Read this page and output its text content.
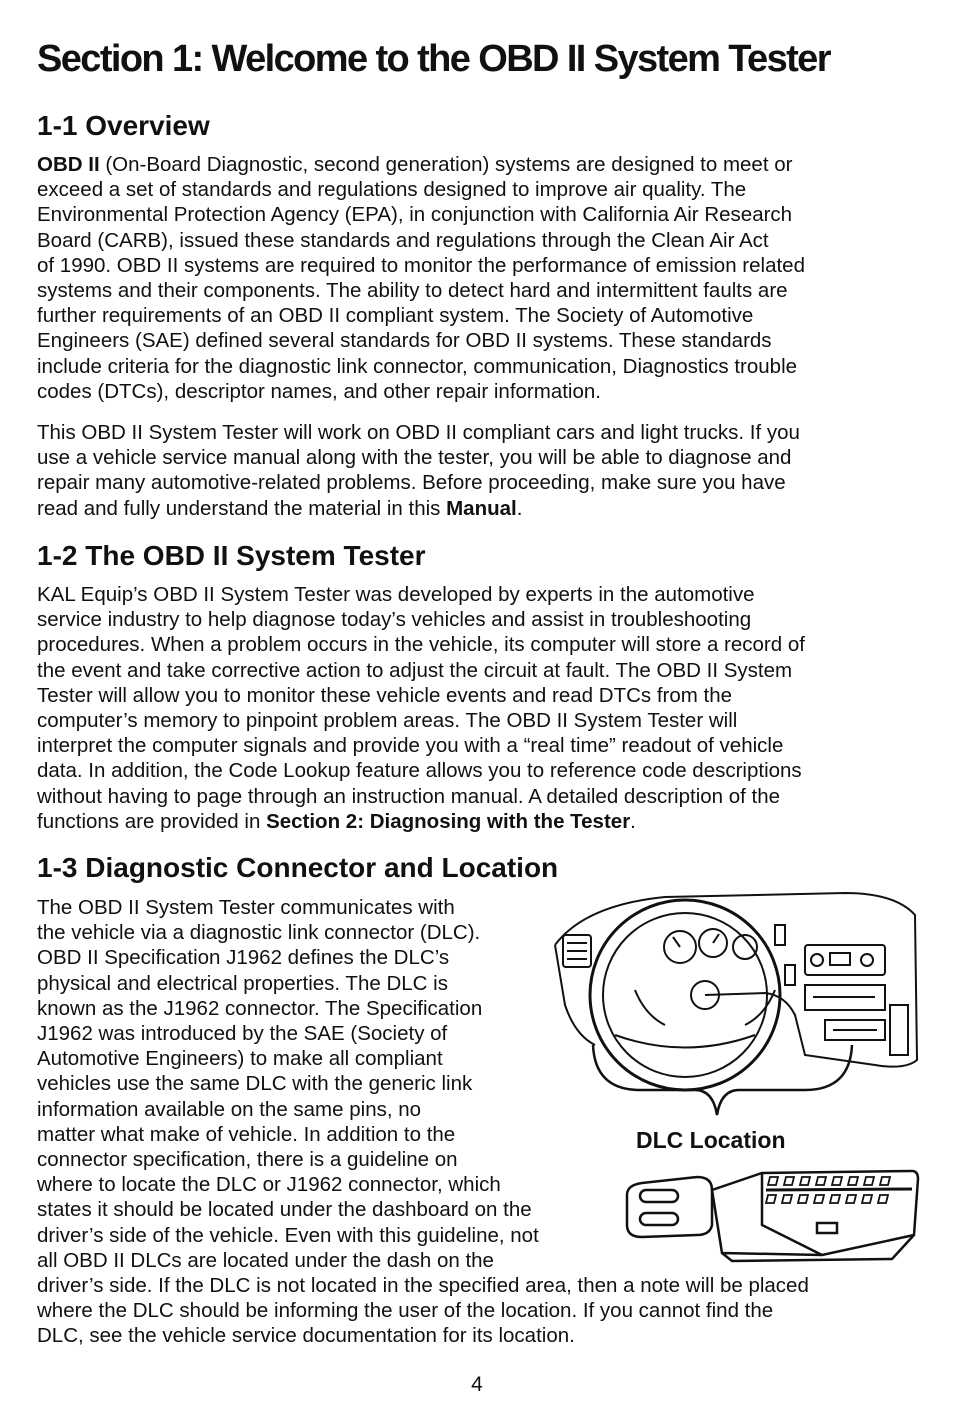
Section 1: Welcome to the OBD II System Tester
1-1 Overview
OBD II (On-Board Diagnostic, second generation) systems are designed to meet or
exceed a set of standards and regulations designed to improve air quality. The
Environmental Protection Agency (EPA), in conjunction with California Air Research
Board (CARB), issued these standards and regulations through the Clean Air Act
of 1990. OBD II systems are required to monitor the performance of emission related
systems and their components. The ability to detect hard and intermittent faults are
further requirements of an OBD II compliant system. The Society of Automotive
Engineers (SAE) defined several standards for OBD II systems. These standards
include criteria for the diagnostic link connector, communication, Diagnostics trouble
codes (DTCs), descriptor names, and other repair information.
This OBD II System Tester will work on OBD II compliant cars and light trucks. If you
use a vehicle service manual along with the tester, you will be able to diagnose and
repair many automotive-related problems. Before proceeding, make sure you have
read and fully understand the material in this Manual.
1-2 The OBD II System Tester
KAL Equip’s OBD II System Tester was developed by experts in the automotive
service industry to help diagnose today’s vehicles and assist in troubleshooting
procedures. When a problem occurs in the vehicle, its computer will store a record of
the event and take corrective action to adjust the circuit at fault. The OBD II System
Tester will allow you to monitor these vehicle events and read DTCs from the
computer’s memory to pinpoint problem areas. The OBD II System Tester will
interpret the computer signals and provide you with a “real time” readout of vehicle
data. In addition, the Code Lookup feature allows you to reference code descriptions
without having to page through an instruction manual. A detailed description of the
functions are provided in Section 2: Diagnosing with the Tester.
1-3 Diagnostic Connector and Location
The OBD II System Tester communicates with
the vehicle via a diagnostic link connector (DLC).
OBD II Specification J1962 defines the DLC’s
physical and electrical properties. The DLC is
known as the J1962 connector. The Specification
J1962 was introduced by the SAE (Society of
Automotive Engineers) to make all compliant
vehicles use the same DLC with the generic link
information available on the same pins, no
matter what make of vehicle. In addition to the
connector specification, there is a guideline on
where to locate the DLC or J1962 connector, which
states it should be located under the dashboard on the
driver’s side of the vehicle. Even with this guideline, not
all OBD II DLCs are located under the dash on the
driver’s side. If the DLC is not located in the specified area, then a note will be placed
where the DLC should be informing the user of the location. If you cannot find the
DLC, see the vehicle service documentation for its location.
DLC Location
4
